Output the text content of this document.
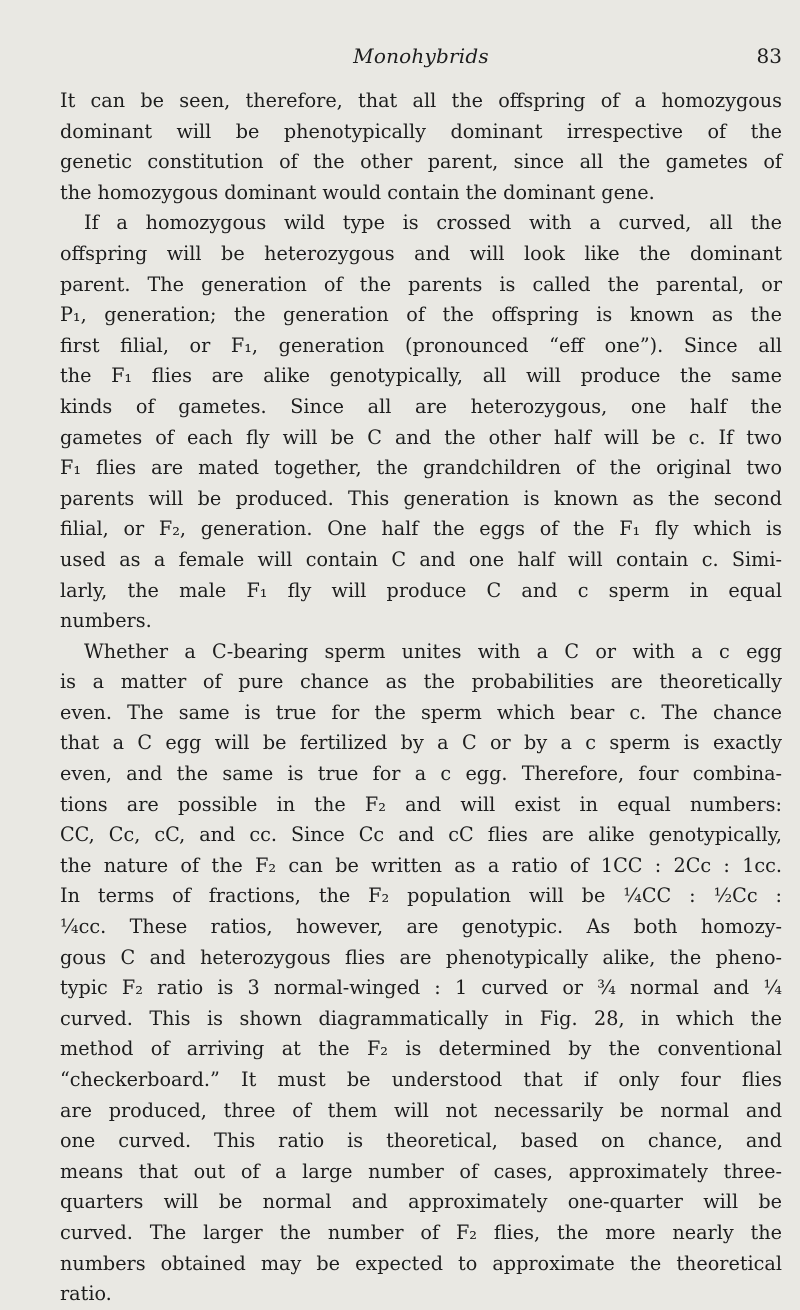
Monohybrids	83
It can be seen, therefore, that all the offspring of a homozygous
dominant will be phenotypically dominant irrespective of the
genetic constitution of the other parent, since all the gametes of
the homozygous dominant would contain the dominant gene.
If a homozygous wild type is crossed with a curved, all the
offspring will be heterozygous and will look like the dominant
parent. The generation of the parents is called the parental, or
P₁, generation; the generation of the offspring is known as the
first filial, or F₁, generation (pronounced “eff one”). Since all
the F₁ flies are alike genotypically, all will produce the same
kinds of gametes. Since all are heterozygous, one half the
gametes of each fly will be C and the other half will be c. If two
F₁ flies are mated together, the grandchildren of the original two
parents will be produced. This generation is known as the second
filial, or F₂, generation. One half the eggs of the F₁ fly which is
used as a female will contain C and one half will contain c. Simi-
larly, the male F₁ fly will produce C and c sperm in equal
numbers.
Whether a C-bearing sperm unites with a C or with a c egg
is a matter of pure chance as the probabilities are theoretically
even. The same is true for the sperm which bear c. The chance
that a C egg will be fertilized by a C or by a c sperm is exactly
even, and the same is true for a c egg. Therefore, four combina-
tions are possible in the F₂ and will exist in equal numbers:
CC, Cc, cC, and cc. Since Cc and cC flies are alike genotypically,
the nature of the F₂ can be written as a ratio of 1CC : 2Cc : 1cc.
In terms of fractions, the F₂ population will be ¼CC : ½Cc :
¼cc. These ratios, however, are genotypic. As both homozy-
gous C and heterozygous flies are phenotypically alike, the pheno-
typic F₂ ratio is 3 normal-winged : 1 curved or ¾ normal and ¼
curved. This is shown diagrammatically in Fig. 28, in which the
method of arriving at the F₂ is determined by the conventional
“checkerboard.” It must be understood that if only four flies
are produced, three of them will not necessarily be normal and
one curved. This ratio is theoretical, based on chance, and
means that out of a large number of cases, approximately three-
quarters will be normal and approximately one-quarter will be
curved. The larger the number of F₂ flies, the more nearly the
numbers obtained may be expected to approximate the theoretical
ratio.
